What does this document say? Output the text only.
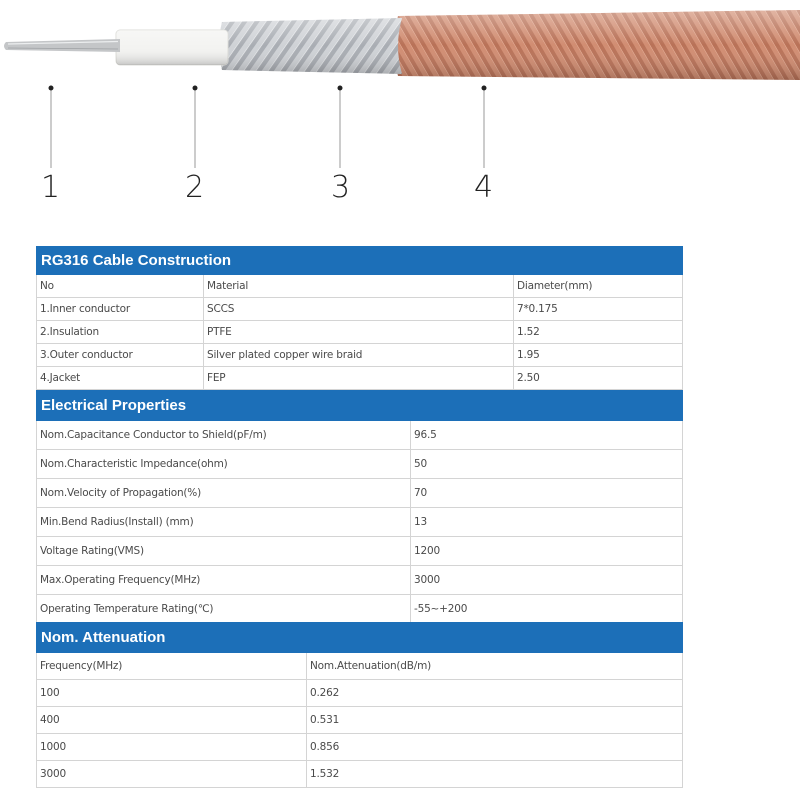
1	2	3	4
RG316 Cable Construction		
No	Material	Diameter(mm)
1.Inner conductor	SCCS	7*0.175
2.Insulation	PTFE	1.52
3.Outer conductor	Silver plated copper wire braid	1.95
4.Jacket	FEP	2.50
Electrical Properties	
Nom.Capacitance Conductor to Shield(pF/m)	96.5
Nom.Characteristic Impedance(ohm)	50
Nom.Velocity of Propagation(%)	70
Min.Bend Radius(Install) (mm)	13
Voltage Rating(VMS)	1200
Max.Operating Frequency(MHz)	3000
Operating Temperature Rating(℃)	-55~+200
Nom. Attenuation	
Frequency(MHz)	Nom.Attenuation(dB/m)
100	0.262
400	0.531
1000	0.856
3000	1.532
